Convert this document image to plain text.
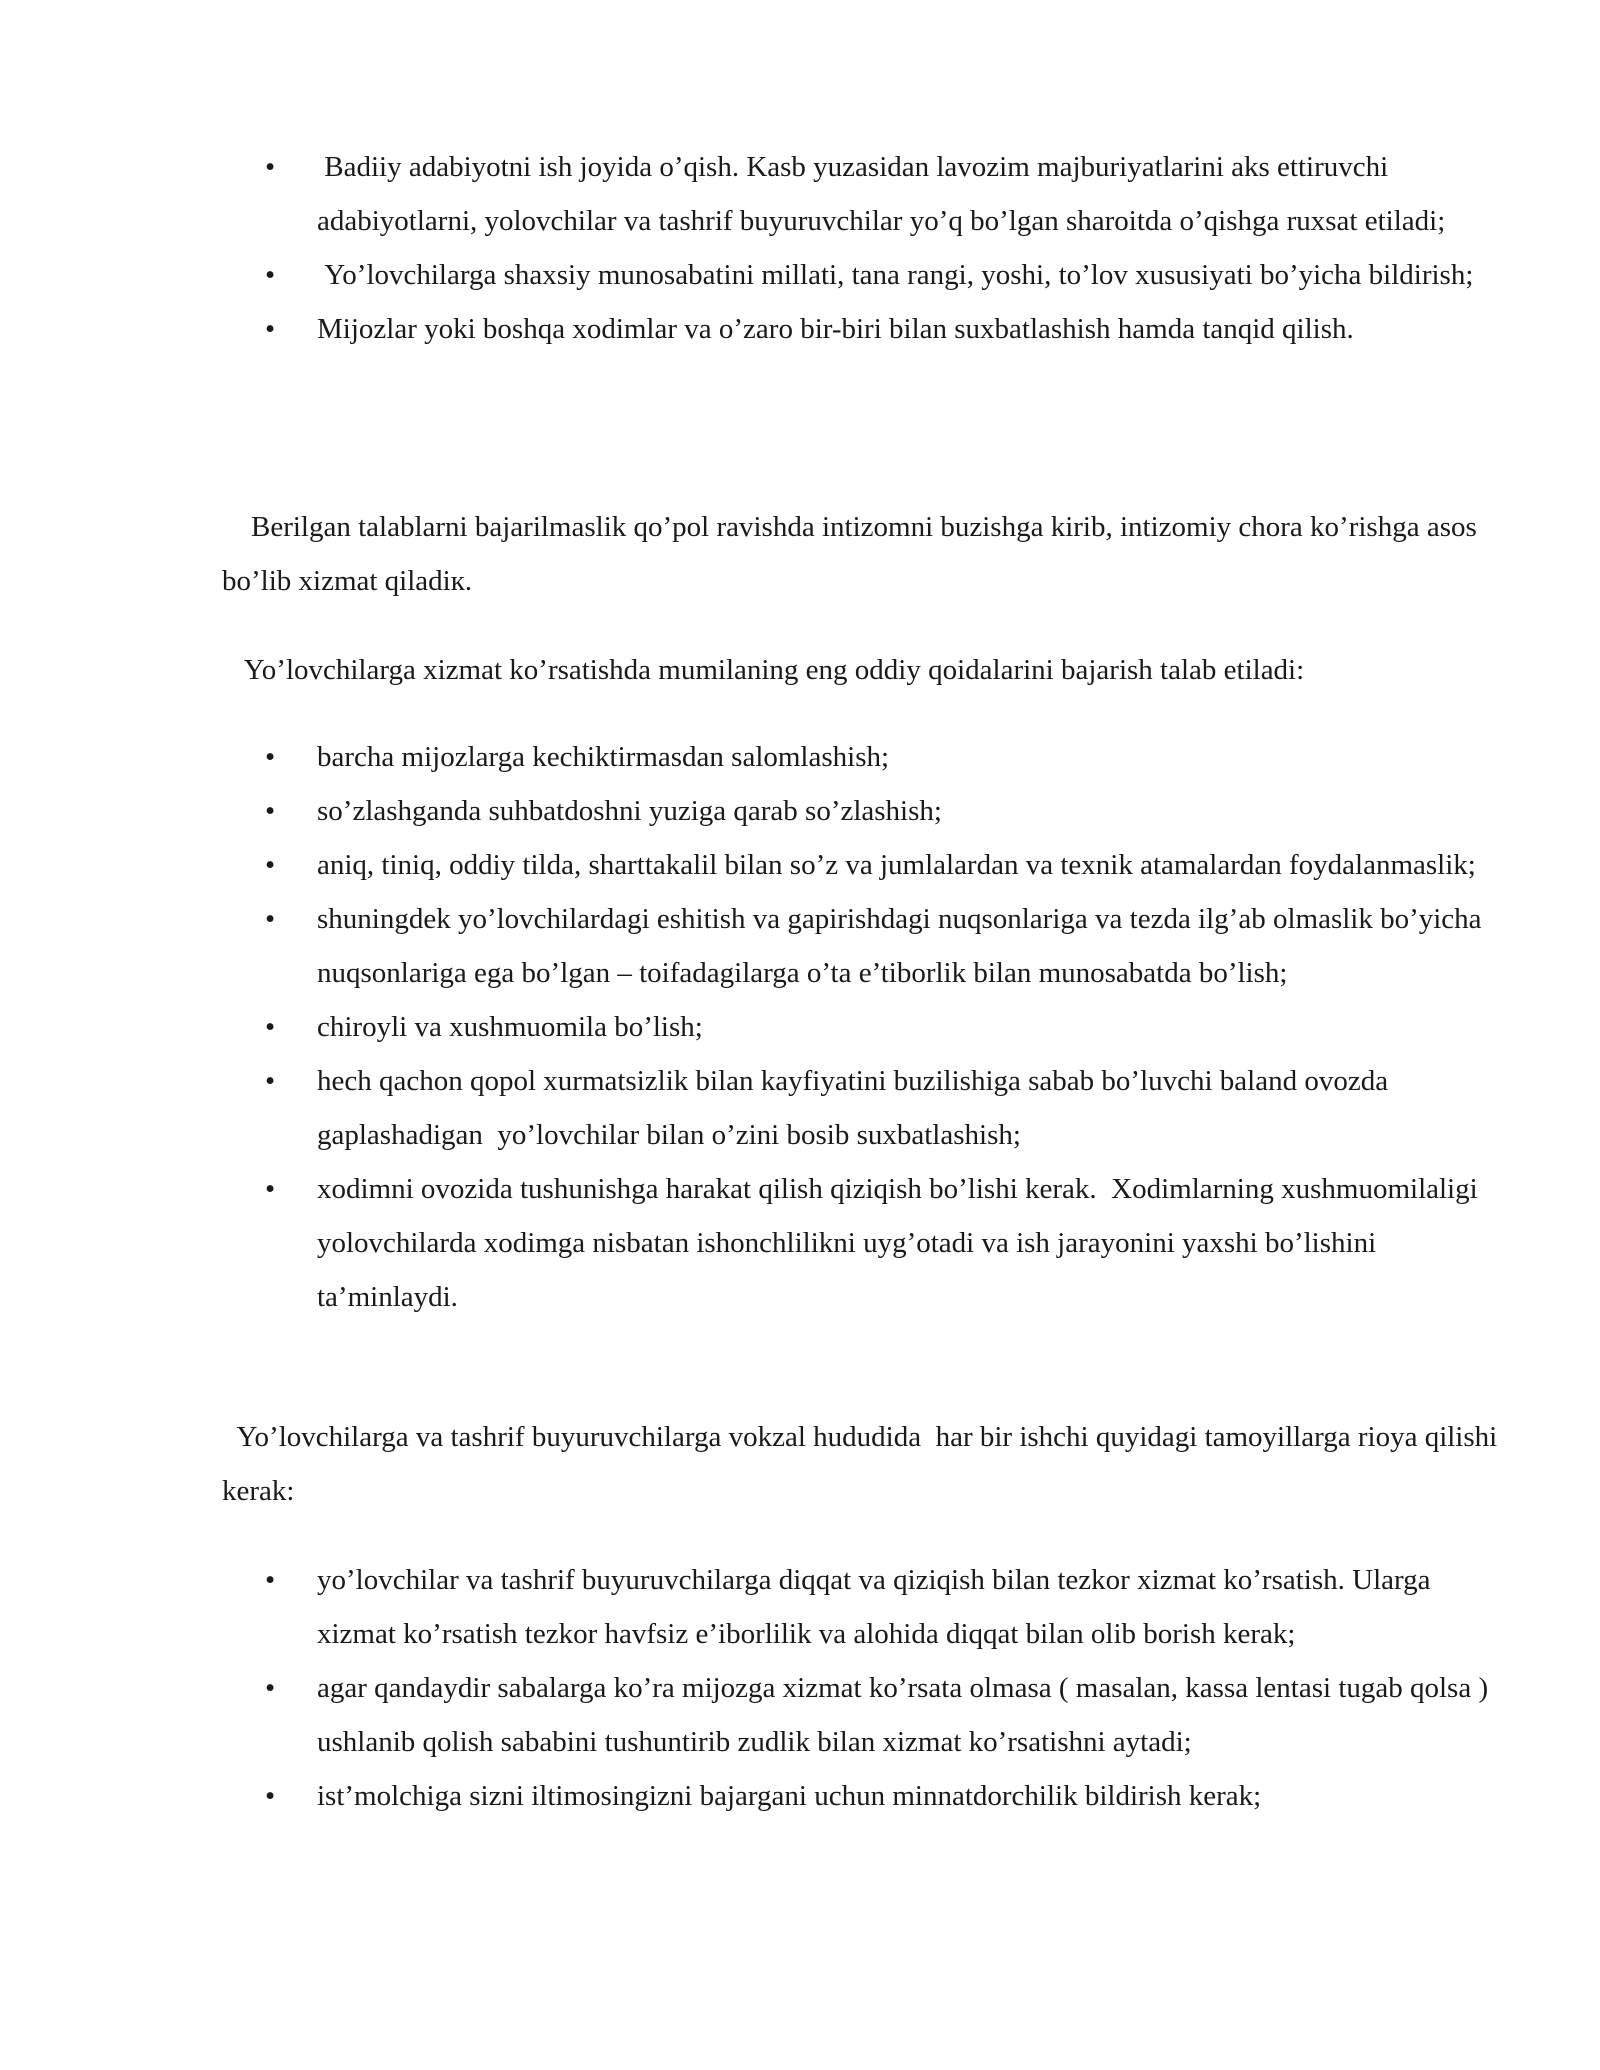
• Badiiy adabiyotni ish joyida o’qish. Kasb yuzasidan lavozim majburiyatlarini aks ettiruvchi adabiyotlarni, yolovchilar va tashrif buyuruvchilar yo’q bo’lgan sharoitda o’qishga ruxsat etiladi;
• Yo’lovchilarga shaxsiy munosabatini millati, tana rangi, yoshi, to’lov xususiyati bo’yicha bildirish;
• Mijozlar yoki boshqa xodimlar va o’zaro bir-biri bilan suxbatlashish hamda tanqid qilish.

Berilgan talablarni bajarilmaslik qo’pol ravishda intizomni buzishga kirib, intizomiy chora ko’rishga asos bo’lib xizmat qiladiк.

Yo’lovchilarga xizmat ko’rsatishda mumilaning eng oddiy qoidalarini bajarish talab etiladi:

• barcha mijozlarga kechiktirmasdan salomlashish;
• so’zlashganda suhbatdoshni yuziga qarab so’zlashish;
• aniq, tiniq, oddiy tilda, sharttakalil bilan so’z va jumlalardan va texnik atamalardan foydalanmaslik;
• shuningdek yo’lovchilardagi eshitish va gapirishdagi nuqsonlariga va tezda ilg’ab olmaslik bo’yicha nuqsonlariga ega bo’lgan – toifadagilarga o’ta e’tiborlik bilan munosabatda bo’lish;
• chiroyli va xushmuomila bo’lish;
• hech qachon qopol xurmatsizlik bilan kayfiyatini buzilishiga sabab bo’luvchi baland ovozda gaplashadigan  yo’lovchilar bilan o’zini bosib suxbatlashish;
• xodimni ovozida tushunishga harakat qilish qiziqish bo’lishi kerak.  Xodimlarning xushmuomilaligi yolovchilarda xodimga nisbatan ishonchlilikni uyg’otadi va ish jarayonini yaxshi bo’lishini ta’minlaydi.

Yo’lovchilarga va tashrif buyuruvchilarga vokzal hududida  har bir ishchi quyidagi tamoyillarga rioya qilishi kerak:

• yo’lovchilar va tashrif buyuruvchilarga diqqat va qiziqish bilan tezkor xizmat ko’rsatish. Ularga xizmat ko’rsatish tezkor havfsiz e’iborlilik va alohida diqqat bilan olib borish kerak;
• agar qandaydir sabalarga ko’ra mijozga xizmat ko’rsata olmasa ( masalan, kassa lentasi tugab qolsa ) ushlanib qolish sababini tushuntirib zudlik bilan xizmat ko’rsatishni aytadi;
• ist’molchiga sizni iltimosingizni bajargani uchun minnatdorchilik bildirish kerak;
